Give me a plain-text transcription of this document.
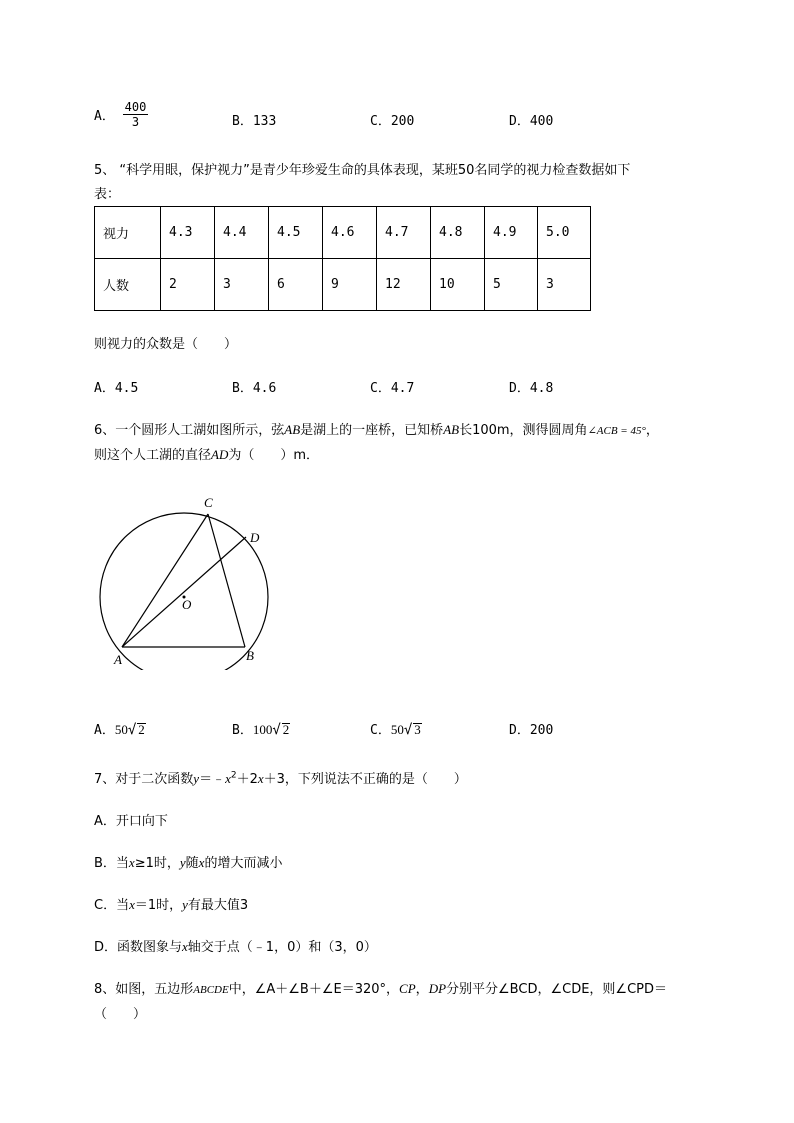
A． $\frac{400}{3}$	B．133	C．200	D．400
5、 “科学用眼，保护视力”是青少年珍爱生命的具体表现，某班50名同学的视力检查数据如下
表：
视力	4.3	4.4	4.5	4.6	4.7	4.8	4.9	5.0
人数	2	3	6	9	12	10	5	3
则视力的众数是（　　）
A．4.5	B．4.6	C．4.7	D．4.8
6、一个圆形人工湖如图所示，弦AB是湖上的一座桥，已知桥AB长100m，测得圆周角∠ACB = 45°，
则这个人工湖的直径AD为（　　）m．
C
D
O
A	B
A．50√ 2	B．100√ 2	C．50√ 3	D．200
7、对于二次函数$y=﹣x^2+2x+3$，下列说法不正确的是（　　）
A．开口向下
B．当x≥1时，y随x的增大而减小
C．当x＝1时，y有最大值3
D．函数图象与x轴交于点（﹣1，0）和（3，0）
8、如图，五边形ABCDE中，∠A＋∠B＋∠E＝320°，CP，DP分别平分∠BCD，∠CDE，则∠CPD＝
（　　）
